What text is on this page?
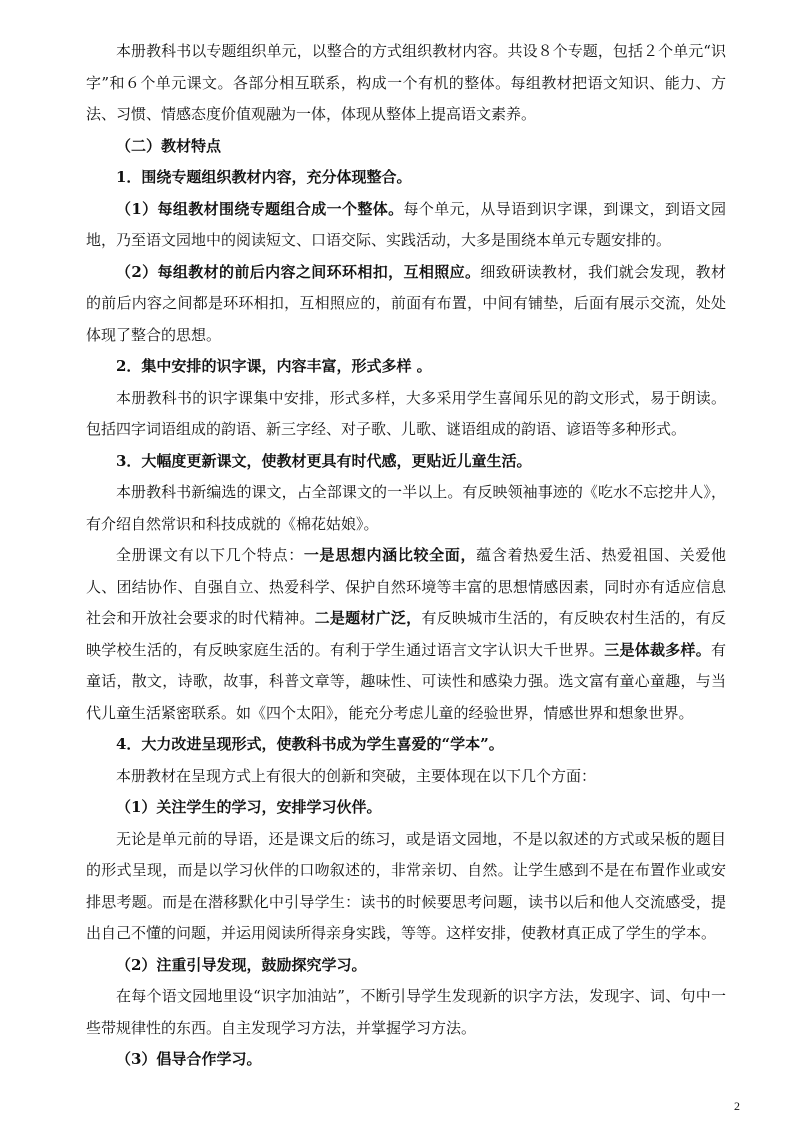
本册教科书以专题组织单元，以整合的方式组织教材内容。共设８个专题，包括２个单元“识字”和６个单元课文。各部分相互联系，构成一个有机的整体。每组教材把语文知识、能力、方法、习惯、情感态度价值观融为一体，体现从整体上提高语文素养。

（二）教材特点

1．围绕专题组织教材内容，充分体现整合。

（1）每组教材围绕专题组合成一个整体。每个单元，从导语到识字课，到课文，到语文园地，乃至语文园地中的阅读短文、口语交际、实践活动，大多是围绕本单元专题安排的。

（2）每组教材的前后内容之间环环相扣，互相照应。细致研读教材，我们就会发现，教材的前后内容之间都是环环相扣，互相照应的，前面有布置，中间有铺垫，后面有展示交流，处处体现了整合的思想。

2．集中安排的识字课，内容丰富，形式多样 。

本册教科书的识字课集中安排，形式多样，大多采用学生喜闻乐见的韵文形式，易于朗读。包括四字词语组成的韵语、新三字经、对子歌、儿歌、谜语组成的韵语、谚语等多种形式。

3．大幅度更新课文，使教材更具有时代感，更贴近儿童生活。

本册教科书新编选的课文，占全部课文的一半以上。有反映领袖事迹的《吃水不忘挖井人》，有介绍自然常识和科技成就的《棉花姑娘》。

全册课文有以下几个特点：一是思想内涵比较全面，蕴含着热爱生活、热爱祖国、关爱他人、团结协作、自强自立、热爱科学、保护自然环境等丰富的思想情感因素，同时亦有适应信息社会和开放社会要求的时代精神。二是题材广泛，有反映城市生活的，有反映农村生活的，有反映学校生活的，有反映家庭生活的。有利于学生通过语言文字认识大千世界。三是体裁多样。有童话，散文，诗歌，故事，科普文章等，趣味性、可读性和感染力强。选文富有童心童趣，与当代儿童生活紧密联系。如《四个太阳》，能充分考虑儿童的经验世界，情感世界和想象世界。

4．大力改进呈现形式，使教科书成为学生喜爱的“学本”。

本册教材在呈现方式上有很大的创新和突破，主要体现在以下几个方面：

（1）关注学生的学习，安排学习伙伴。

无论是单元前的导语，还是课文后的练习，或是语文园地，不是以叙述的方式或呆板的题目的形式呈现，而是以学习伙伴的口吻叙述的，非常亲切、自然。让学生感到不是在布置作业或安排思考题。而是在潜移默化中引导学生：读书的时候要思考问题，读书以后和他人交流感受，提出自己不懂的问题，并运用阅读所得亲身实践，等等。这样安排，使教材真正成了学生的学本。

（2）注重引导发现，鼓励探究学习。

在每个语文园地里设“识字加油站”，不断引导学生发现新的识字方法，发现字、词、句中一些带规律性的东西。自主发现学习方法，并掌握学习方法。

（3）倡导合作学习。

2
